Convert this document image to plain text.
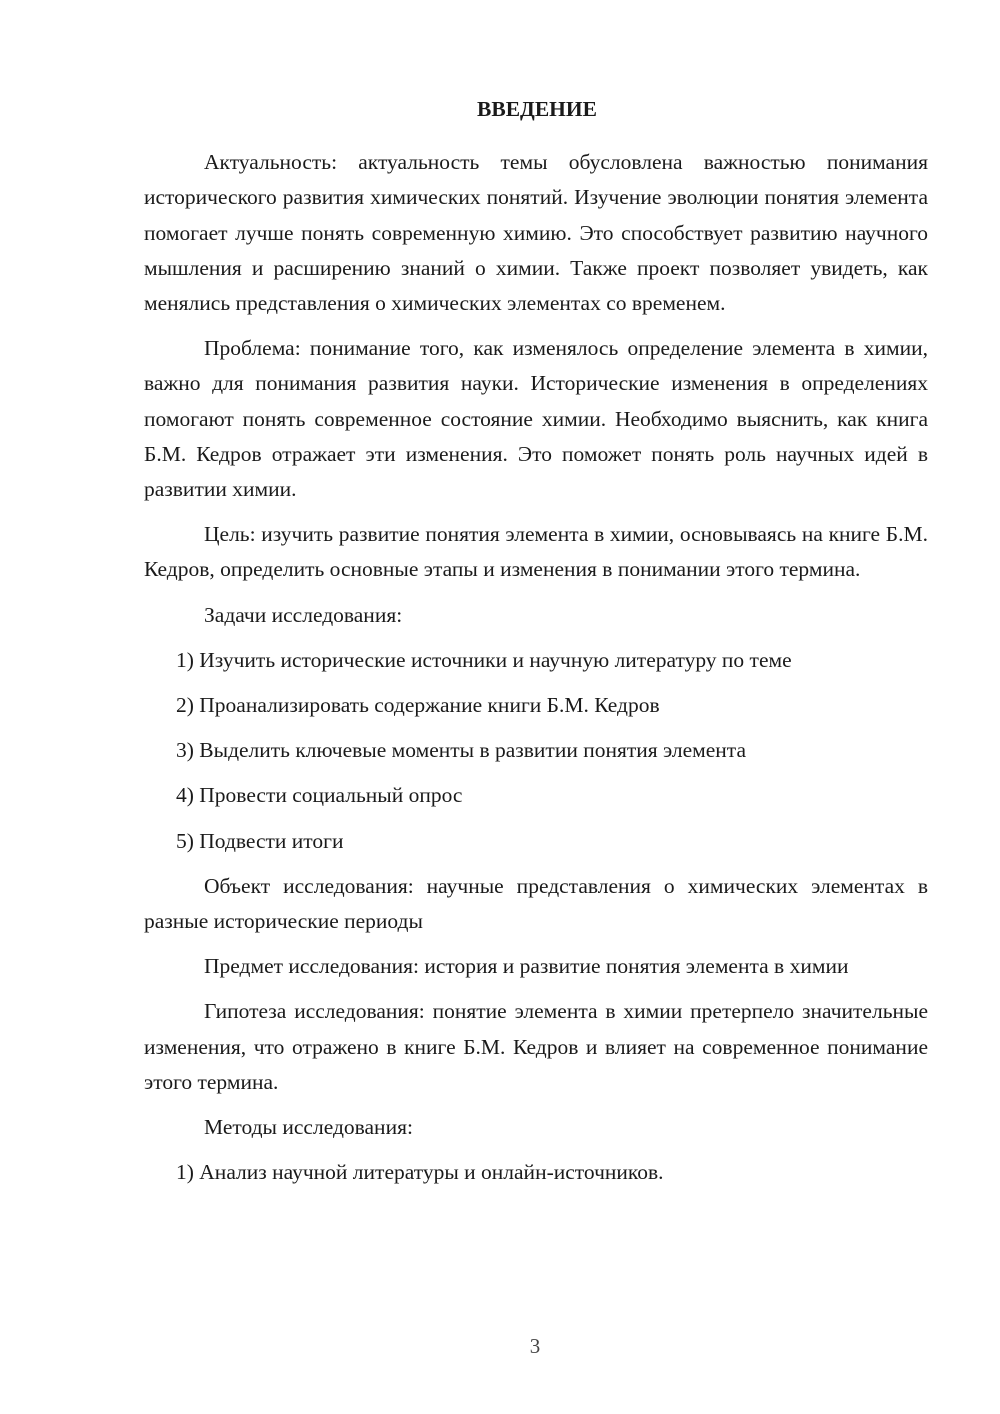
ВВЕДЕНИЕ

Актуальность: актуальность темы обусловлена важностью понимания исторического развития химических понятий. Изучение эволюции понятия элемента помогает лучше понять современную химию. Это способствует развитию научного мышления и расширению знаний о химии. Также проект позволяет увидеть, как менялись представления о химических элементах со временем.

Проблема: понимание того, как изменялось определение элемента в химии, важно для понимания развития науки. Исторические изменения в определениях помогают понять современное состояние химии. Необходимо выяснить, как книга Б.М. Кедров отражает эти изменения. Это поможет понять роль научных идей в развитии химии.

Цель: изучить развитие понятия элемента в химии, основываясь на книге Б.М. Кедров, определить основные этапы и изменения в понимании этого термина.

Задачи исследования:
1) Изучить исторические источники и научную литературу по теме
2) Проанализировать содержание книги Б.М. Кедров
3) Выделить ключевые моменты в развитии понятия элемента
4) Провести социальный опрос
5) Подвести итоги

Объект исследования: научные представления о химических элементах в разные исторические периоды

Предмет исследования: история и развитие понятия элемента в химии

Гипотеза исследования: понятие элемента в химии претерпело значительные изменения, что отражено в книге Б.М. Кедров и влияет на современное понимание этого термина.

Методы исследования:
1) Анализ научной литературы и онлайн-источников.
3
